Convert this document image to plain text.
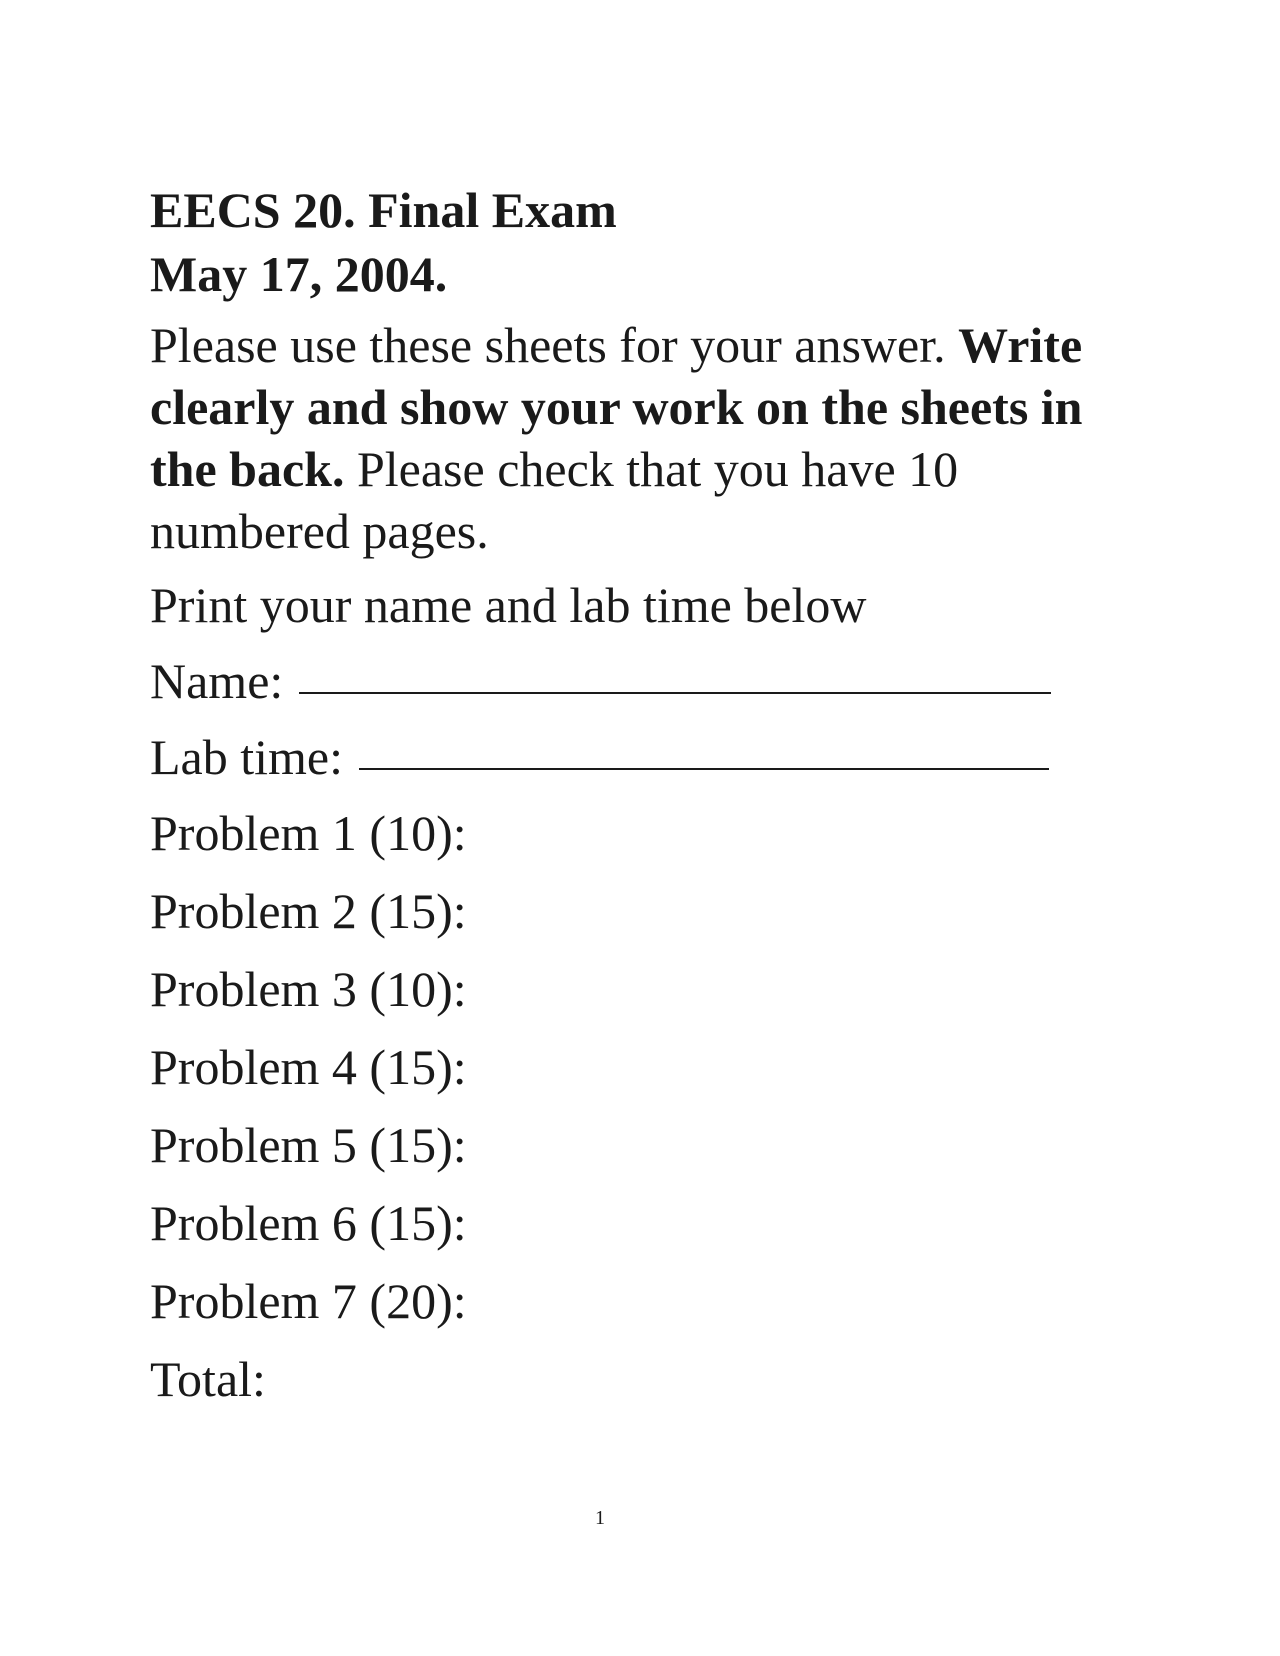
EECS 20. Final Exam
May 17, 2004.

Please use these sheets for your answer. Write clearly and show your work on the sheets in the back. Please check that you have 10 numbered pages.

Print your name and lab time below

Name:
Lab time:
Problem 1 (10):
Problem 2 (15):
Problem 3 (10):
Problem 4 (15):
Problem 5 (15):
Problem 6 (15):
Problem 7 (20):
Total:
1
